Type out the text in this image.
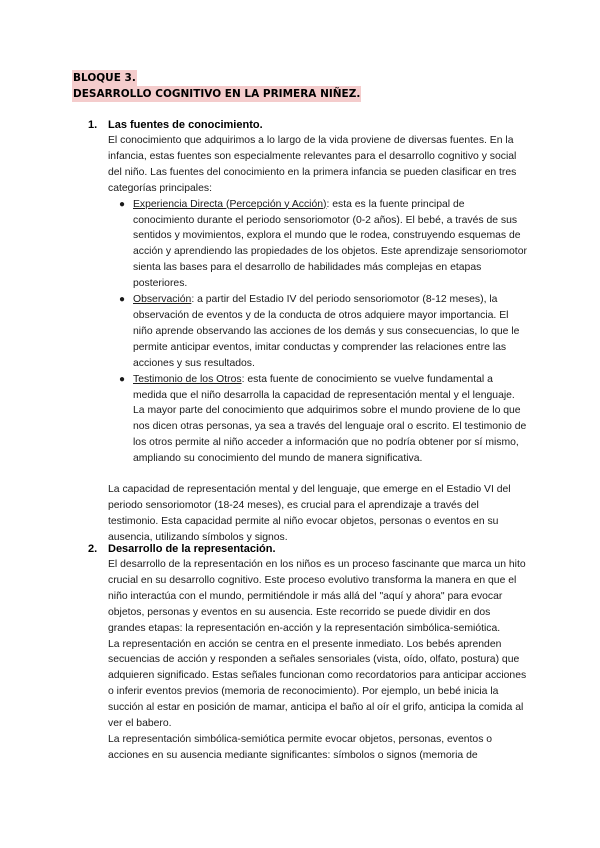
BLOQUE 3.
DESARROLLO COGNITIVO EN LA PRIMERA NIÑEZ.
1. Las fuentes de conocimiento.

El conocimiento que adquirimos a lo largo de la vida proviene de diversas fuentes. En la infancia, estas fuentes son especialmente relevantes para el desarrollo cognitivo y social del niño. Las fuentes del conocimiento en la primera infancia se pueden clasificar en tres categorías principales:

● Experiencia Directa (Percepción y Acción): esta es la fuente principal de conocimiento durante el periodo sensoriomotor (0-2 años). El bebé, a través de sus sentidos y movimientos, explora el mundo que le rodea, construyendo esquemas de acción y aprendiendo las propiedades de los objetos. Este aprendizaje sensoriomotor sienta las bases para el desarrollo de habilidades más complejas en etapas posteriores.
● Observación: a partir del Estadio IV del periodo sensoriomotor (8-12 meses), la observación de eventos y de la conducta de otros adquiere mayor importancia. El niño aprende observando las acciones de los demás y sus consecuencias, lo que le permite anticipar eventos, imitar conductas y comprender las relaciones entre las acciones y sus resultados.
● Testimonio de los Otros: esta fuente de conocimiento se vuelve fundamental a medida que el niño desarrolla la capacidad de representación mental y el lenguaje. La mayor parte del conocimiento que adquirimos sobre el mundo proviene de lo que nos dicen otras personas, ya sea a través del lenguaje oral o escrito. El testimonio de los otros permite al niño acceder a información que no podría obtener por sí mismo, ampliando su conocimiento del mundo de manera significativa.

La capacidad de representación mental y del lenguaje, que emerge en el Estadio VI del periodo sensoriomotor (18-24 meses), es crucial para el aprendizaje a través del testimonio. Esta capacidad permite al niño evocar objetos, personas o eventos en su ausencia, utilizando símbolos y signos.

2. Desarrollo de la representación.

El desarrollo de la representación en los niños es un proceso fascinante que marca un hito crucial en su desarrollo cognitivo. Este proceso evolutivo transforma la manera en que el niño interactúa con el mundo, permitiéndole ir más allá del "aquí y ahora" para evocar objetos, personas y eventos en su ausencia. Este recorrido se puede dividir en dos grandes etapas: la representación en-acción y la representación simbólica-semiótica.

La representación en acción se centra en el presente inmediato. Los bebés aprenden secuencias de acción y responden a señales sensoriales (vista, oído, olfato, postura) que adquieren significado. Estas señales funcionan como recordatorios para anticipar acciones o inferir eventos previos (memoria de reconocimiento). Por ejemplo, un bebé inicia la succión al estar en posición de mamar, anticipa el baño al oír el grifo, anticipa la comida al ver el babero.

La representación simbólica-semiótica permite evocar objetos, personas, eventos o acciones en su ausencia mediante significantes: símbolos o signos (memoria de
